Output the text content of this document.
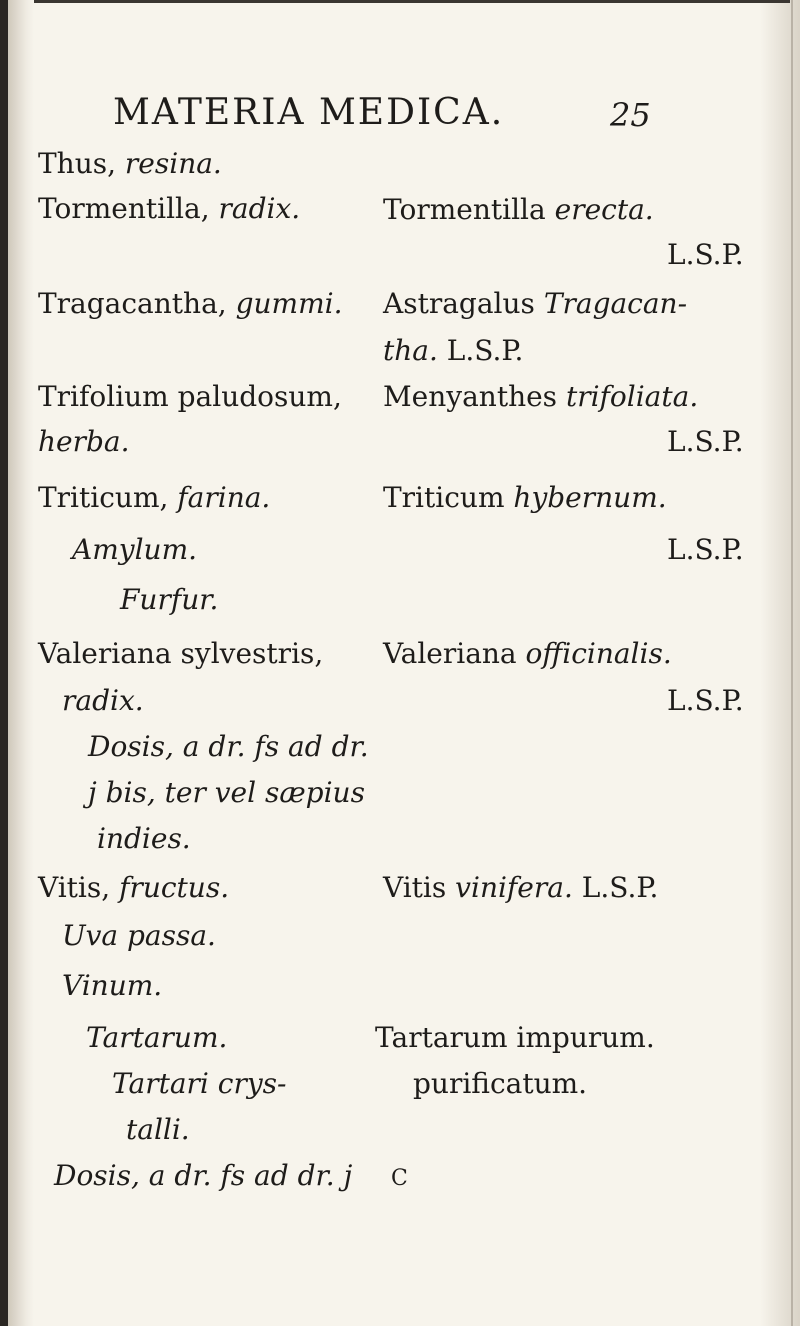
MATERIA MEDICA.	25
Thus, resina.
Tormentilla, radix.
Tragacantha, gummi.
Trifolium paludosum,
herba.
Triticum, farina.
Amylum.
Furfur.
Valeriana sylvestris,
radix.
Dosis, a dr. fs ad dr.
j bis, ter vel sæpius
indies.
Vitis, fructus.
Uva passa.
Vinum.
Tartarum.
Tartari crys-
talli.
Dosis, a dr. fs ad dr. j
Tormentilla erecta.
L.S.P.
Astragalus Tragacan-
tha. L.S.P.
Menyanthes trifoliata.
L.S.P.
Triticum hybernum.
L.S.P.
Valeriana officinalis.
L.S.P.
Vitis vinifera. L.S.P.
Tartarum impurum.
purificatum.
C
